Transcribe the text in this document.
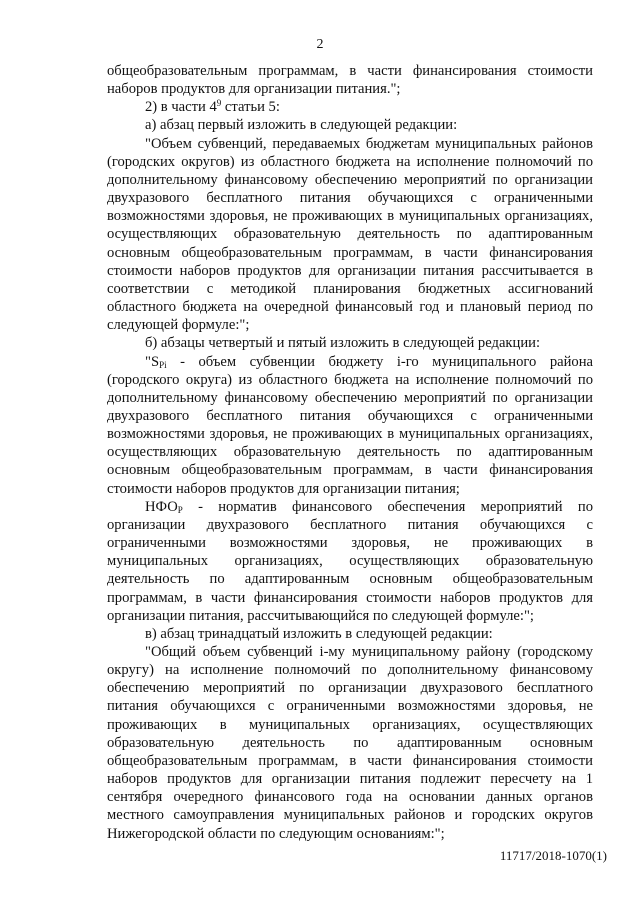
2

общеобразовательным программам, в части финансирования стоимости наборов продуктов для организации питания.";

2) в части $4^9$ статьи 5:

а) абзац первый изложить в следующей редакции:

"Объем субвенций, передаваемых бюджетам муниципальных районов (городских округов) из областного бюджета на исполнение полномочий по дополнительному финансовому обеспечению мероприятий по организации двухразового бесплатного питания обучающихся с ограниченными возможностями здоровья, не проживающих в муниципальных организациях, осуществляющих образовательную деятельность по адаптированным основным общеобразовательным программам, в части финансирования стоимости наборов продуктов для организации питания рассчитывается в соответствии с методикой планирования бюджетных ассигнований областного бюджета на очередной финансовый год и плановый период по следующей формуле:";

б) абзацы четвертый и пятый изложить в следующей редакции:

"$S_{Pi}$ - объем субвенции бюджету i-го муниципального района (городского округа) из областного бюджета на исполнение полномочий по дополнительному финансовому обеспечению мероприятий по организации двухразового бесплатного питания обучающихся с ограниченными возможностями здоровья, не проживающих в муниципальных организациях, осуществляющих образовательную деятельность по адаптированным основным общеобразовательным программам, в части финансирования стоимости наборов продуктов для организации питания;

$НФО_Р$ - норматив финансового обеспечения мероприятий по организации двухразового бесплатного питания обучающихся с ограниченными возможностями здоровья, не проживающих в муниципальных организациях, осуществляющих образовательную деятельность по адаптированным основным общеобразовательным программам, в части финансирования стоимости наборов продуктов для организации питания, рассчитывающийся по следующей формуле:";

в) абзац тринадцатый изложить в следующей редакции:

"Общий объем субвенций i-му муниципальному району (городскому округу) на исполнение полномочий по дополнительному финансовому обеспечению мероприятий по организации двухразового бесплатного питания обучающихся с ограниченными возможностями здоровья, не проживающих в муниципальных организациях, осуществляющих образовательную деятельность по адаптированным основным общеобразовательным программам, в части финансирования стоимости наборов продуктов для организации питания подлежит пересчету на 1 сентября очередного финансового года на основании данных органов местного самоуправления муниципальных районов и городских округов Нижегородской области по следующим основаниям:";

11717/2018-1070(1)
